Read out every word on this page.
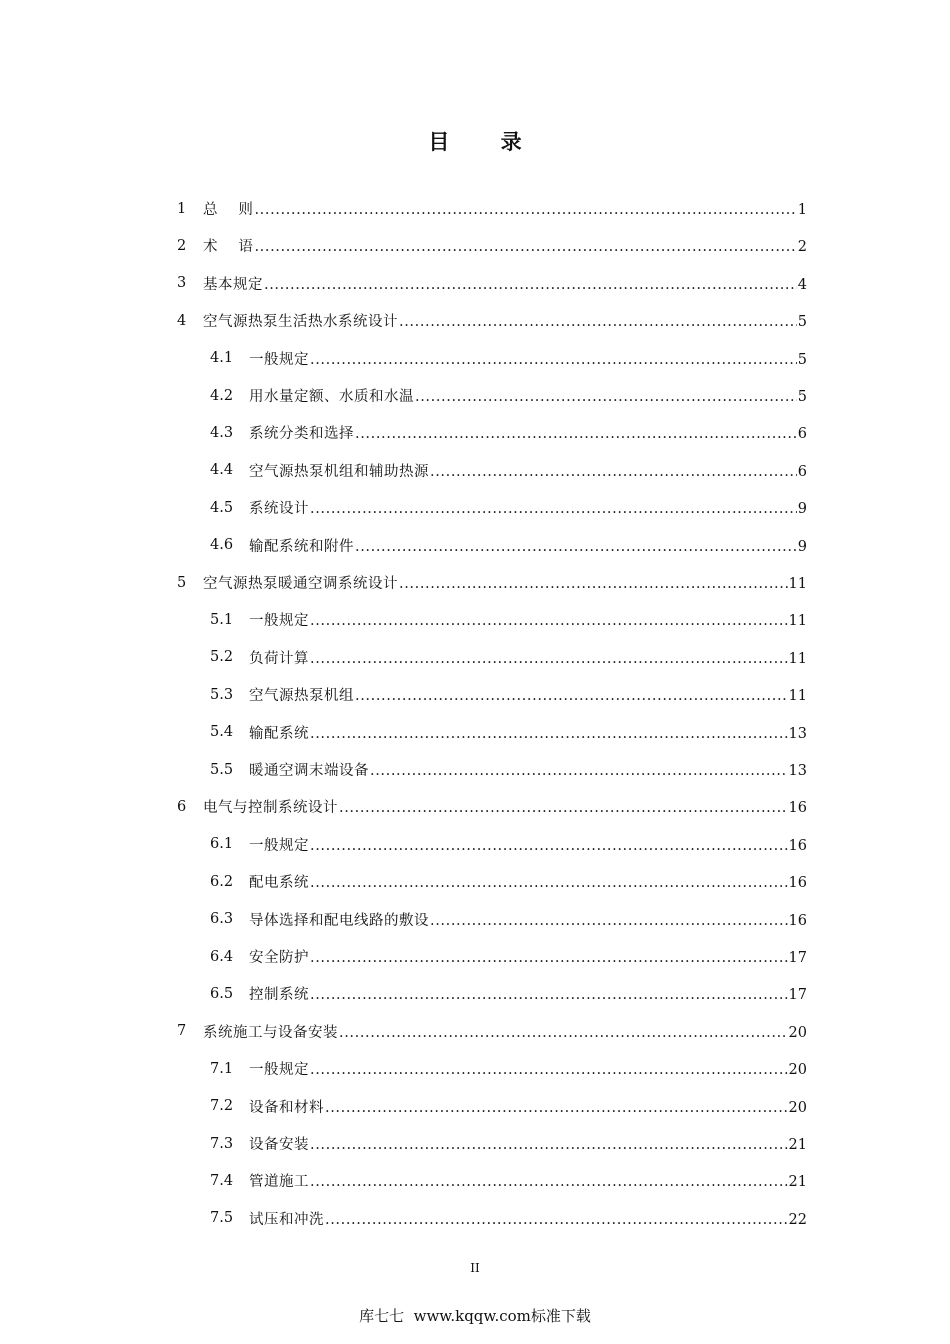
目 录
1 总    则 .....	1
2 术    语 .....	2
3 基本规定 .....	4
4 空气源热泵生活热水系统设计 .....	5
4.1 一般规定 .....	5
4.2 用水量定额、水质和水温 .....	5
4.3 系统分类和选择 .....	6
4.4 空气源热泵机组和辅助热源 .....	6
4.5 系统设计 .....	9
4.6 输配系统和附件 .....	9
5 空气源热泵暖通空调系统设计 .....	11
5.1 一般规定 .....	11
5.2 负荷计算 .....	11
5.3 空气源热泵机组 .....	11
5.4 输配系统 .....	13
5.5 暖通空调末端设备 .....	13
6 电气与控制系统设计 .....	16
6.1 一般规定 .....	16
6.2 配电系统 .....	16
6.3 导体选择和配电线路的敷设 .....	16
6.4 安全防护 .....	17
6.5 控制系统 .....	17
7 系统施工与设备安装 .....	20
7.1 一般规定 .....	20
7.2 设备和材料 .....	20
7.3 设备安装 .....	21
7.4 管道施工 .....	21
7.5 试压和冲洗 .....	22
II
库七七  www.kqqw.com标准下载
